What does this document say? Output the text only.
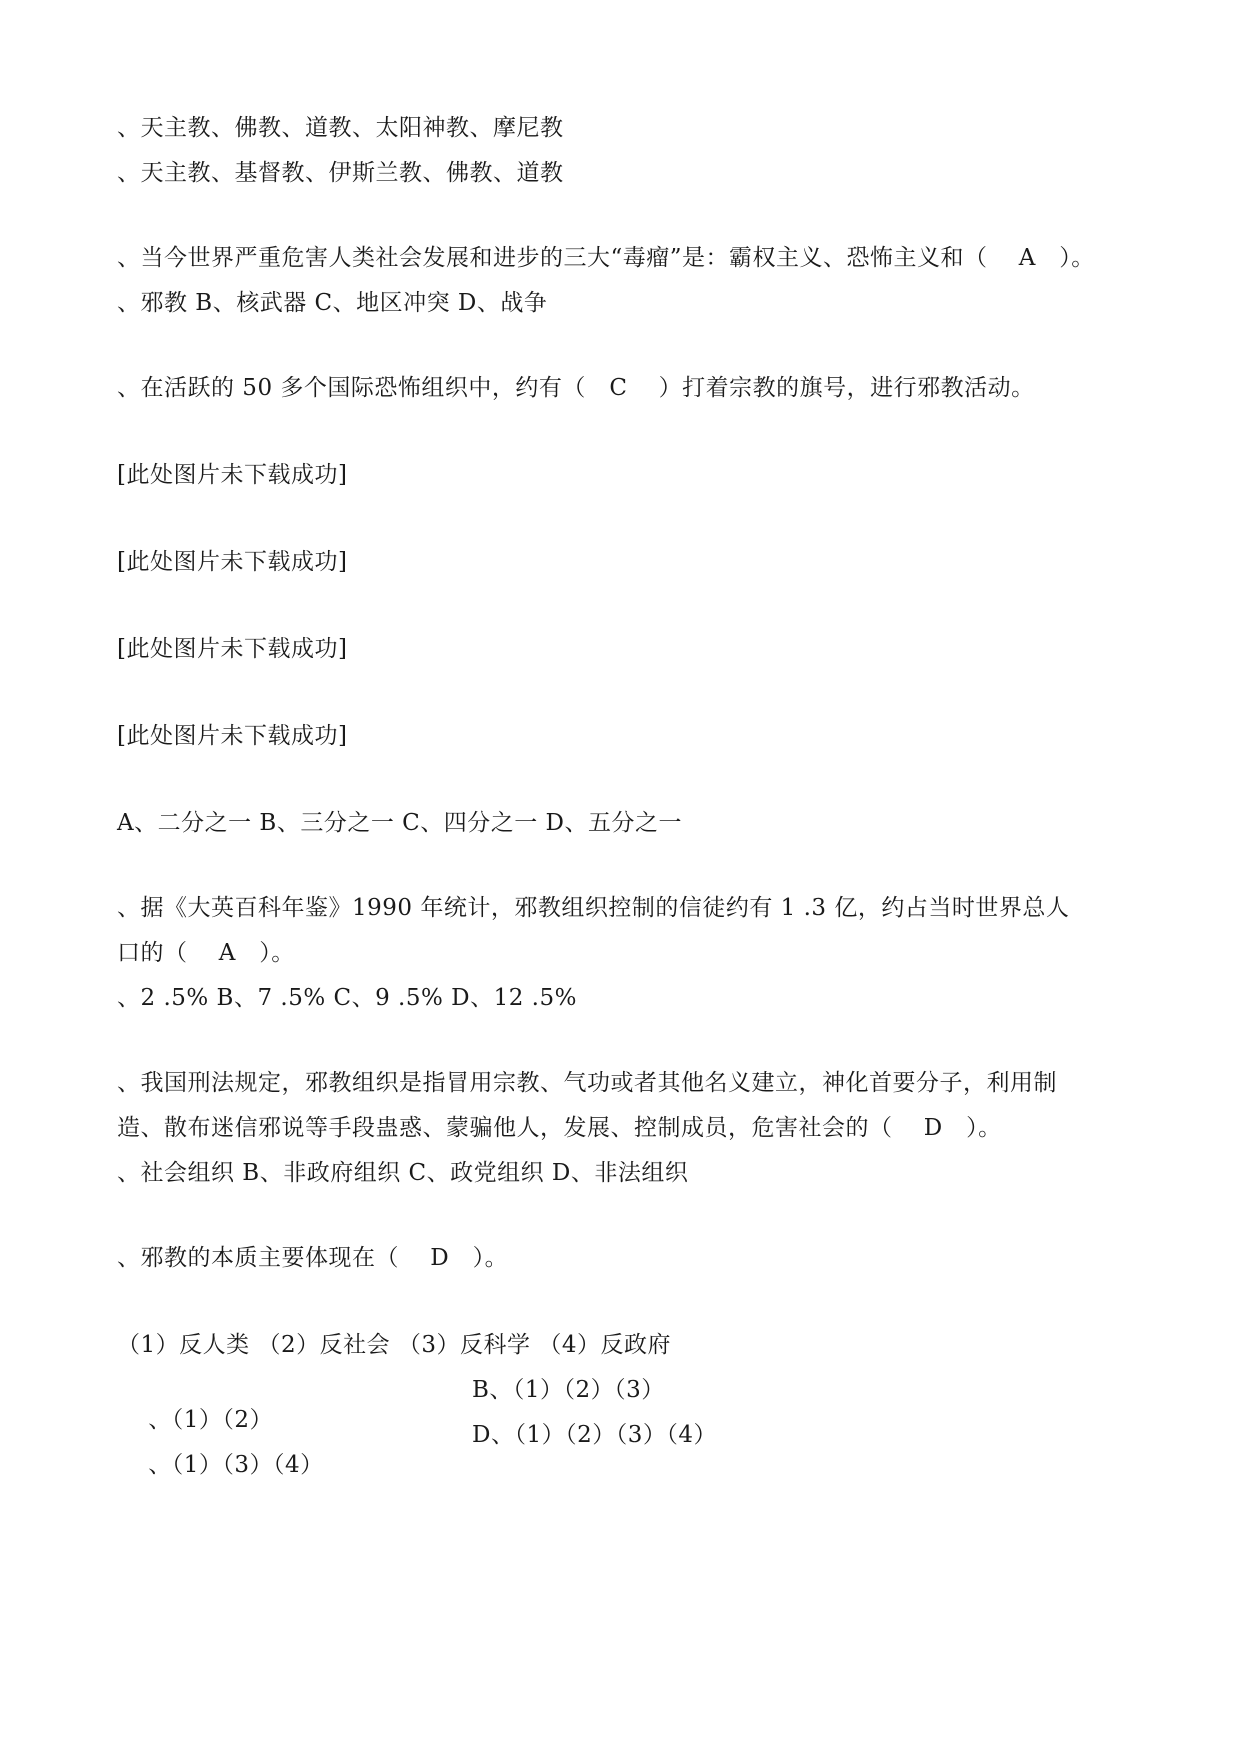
、天主教、佛教、道教、太阳神教、摩尼教
、天主教、基督教、伊斯兰教、佛教、道教
、当今世界严重危害人类社会发展和进步的三大“毒瘤”是：霸权主义、恐怖主义和（    A   ）。
、邪教 B、核武器 C、地区冲突 D、战争
、在活跃的 50 多个国际恐怖组织中，约有（   C    ）打着宗教的旗号，进行邪教活动。
[此处图片未下载成功]
[此处图片未下载成功]
[此处图片未下载成功]
[此处图片未下载成功]
A、二分之一 B、三分之一 C、四分之一 D、五分之一
、据《大英百科年鉴》1990 年统计，邪教组织控制的信徒约有 1 .3 亿，约占当时世界总人
口的（    A   ）。
、2 .5% B、7 .5% C、9 .5% D、12 .5%
、我国刑法规定，邪教组织是指冒用宗教、气功或者其他名义建立，神化首要分子，利用制
造、散布迷信邪说等手段蛊惑、蒙骗他人，发展、控制成员，危害社会的（    D   ）。
、社会组织 B、非政府组织 C、政党组织 D、非法组织
、邪教的本质主要体现在（    D   ）。
（1）反人类 （2）反社会 （3）反科学 （4）反政府

、（1）（2）

B、（1）（2）（3）

、（1）（3）（4）

D、（1）（2）（3）（4）
